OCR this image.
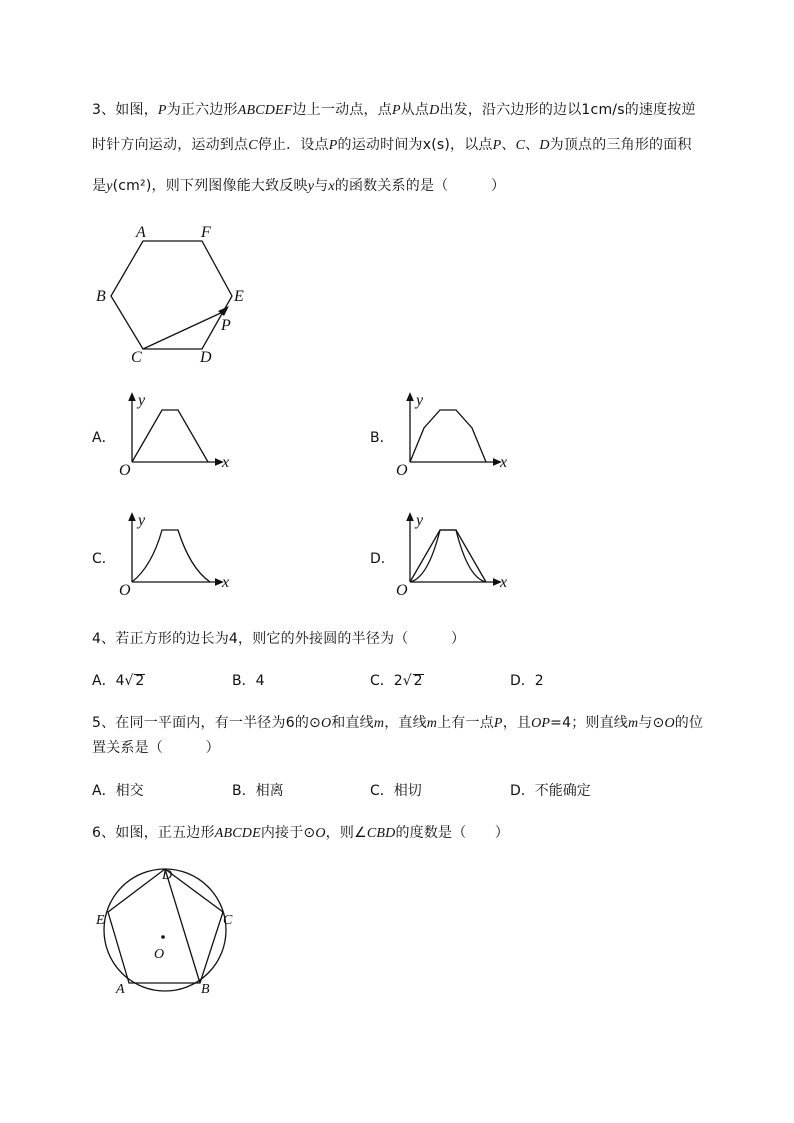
3、如图，P为正六边形ABCDEF边上一动点，点P从点D出发，沿六边形的边以1cm/s的速度按逆
时针方向运动，运动到点C停止．设点P的运动时间为x(s)，以点P、C、D为顶点的三角形的面积
是y(cm²)，则下列图像能大致反映y与x的函数关系的是（　　　）
A	F
B	E
P
C	D
A．	B．
C．	D．
y
O	x
y
O	x
y
O	x
y
O	x
4、若正方形的边长为4，则它的外接圆的半径为（　　　）
A．4√ 2	B．4	C．2√ 2	D．2
5、在同一平面内，有一半径为6的⊙O和直线m，直线m上有一点P，且OP=4；则直线m与⊙O的位
置关系是（　　　）
A．相交	B．相离	C．相切	D．不能确定
6、如图，正五边形ABCDE内接于⊙O，则∠CBD的度数是（　　）
D
E	C
O
A	B
